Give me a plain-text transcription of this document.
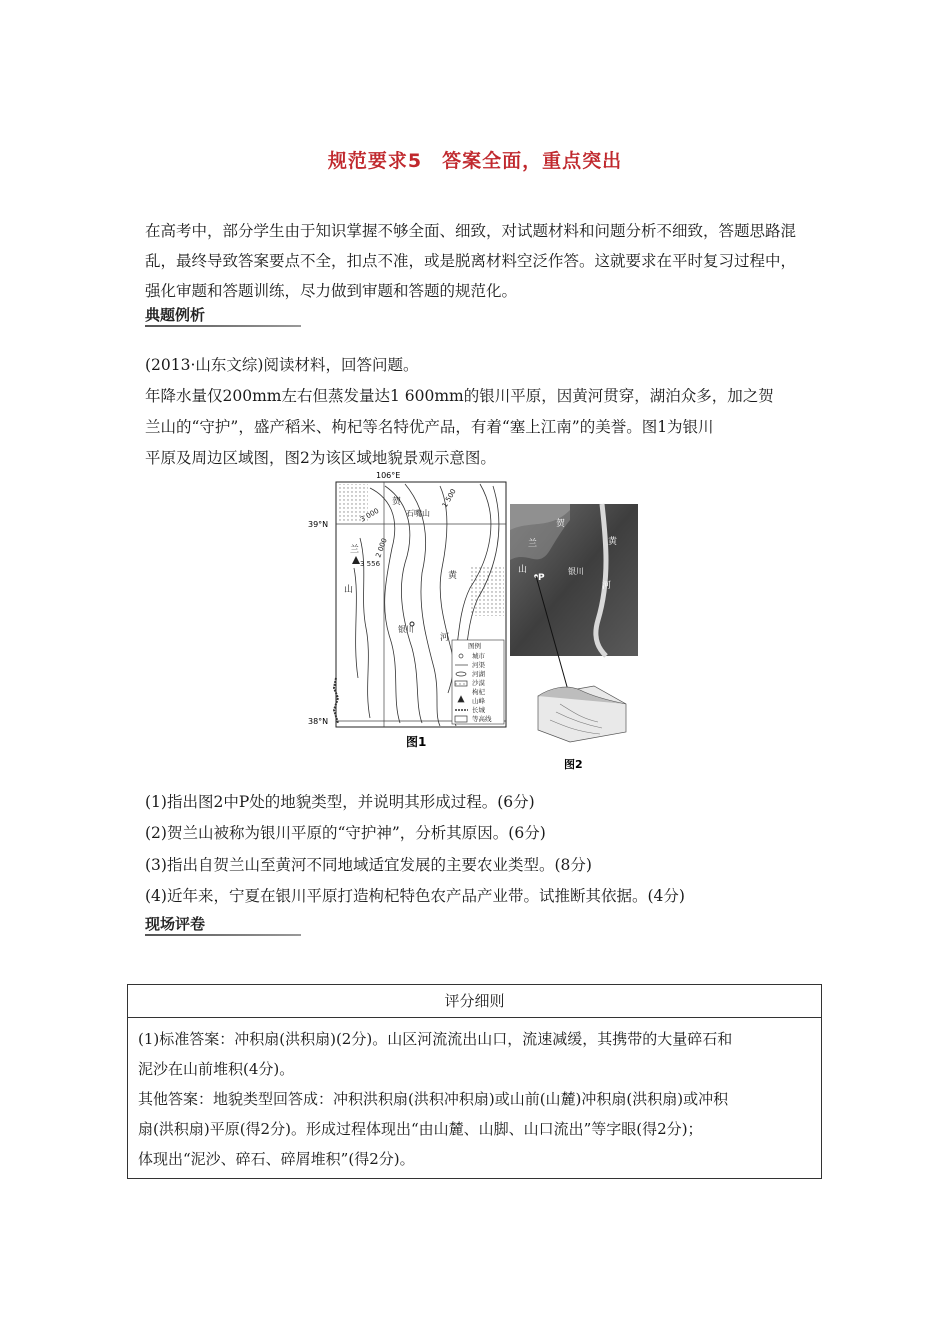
规范要求5　答案全面，重点突出
在高考中，部分学生由于知识掌握不够全面、细致，对试题材料和问题分析不细致，答题思路混乱，最终导致答案要点不全，扣点不准，或是脱离材料空泛作答。这就要求在平时复习过程中，强化审题和答题训练，尽力做到审题和答题的规范化。
典题例析
(2013·山东文综)阅读材料，回答问题。
年降水量仅200mm左右但蒸发量达1 600mm的银川平原，因黄河贯穿，湖泊众多，加之贺
兰山的“守护”，盛产稻米、枸杞等名特优产品，有着“塞上江南”的美誉。图1为银川
平原及周边区域图，图2为该区域地貌景观示意图。
106°E
39°N
38°N
贺
兰
山
石嘴山
黄
银川
河
3 556
3 000
2 000
1 500
图例
城市
河渠
河湖
沙漠
枸杞
山峰
长城
等高线
图1
贺
兰
山
黄
银川
河
P
图2
(1)指出图2中P处的地貌类型，并说明其形成过程。(6分)
(2)贺兰山被称为银川平原的“守护神”，分析其原因。(6分)
(3)指出自贺兰山至黄河不同地域适宜发展的主要农业类型。(8分)
(4)近年来，宁夏在银川平原打造枸杞特色农产品产业带。试推断其依据。(4分)
现场评卷
评分细则
(1)标准答案：冲积扇(洪积扇)(2分)。山区河流流出山口，流速减缓，其携带的大量碎石和
泥沙在山前堆积(4分)。
其他答案：地貌类型回答成：冲积洪积扇(洪积冲积扇)或山前(山麓)冲积扇(洪积扇)或冲积
扇(洪积扇)平原(得2分)。形成过程体现出“由山麓、山脚、山口流出”等字眼(得2分)；
体现出“泥沙、碎石、碎屑堆积”(得2分)。
